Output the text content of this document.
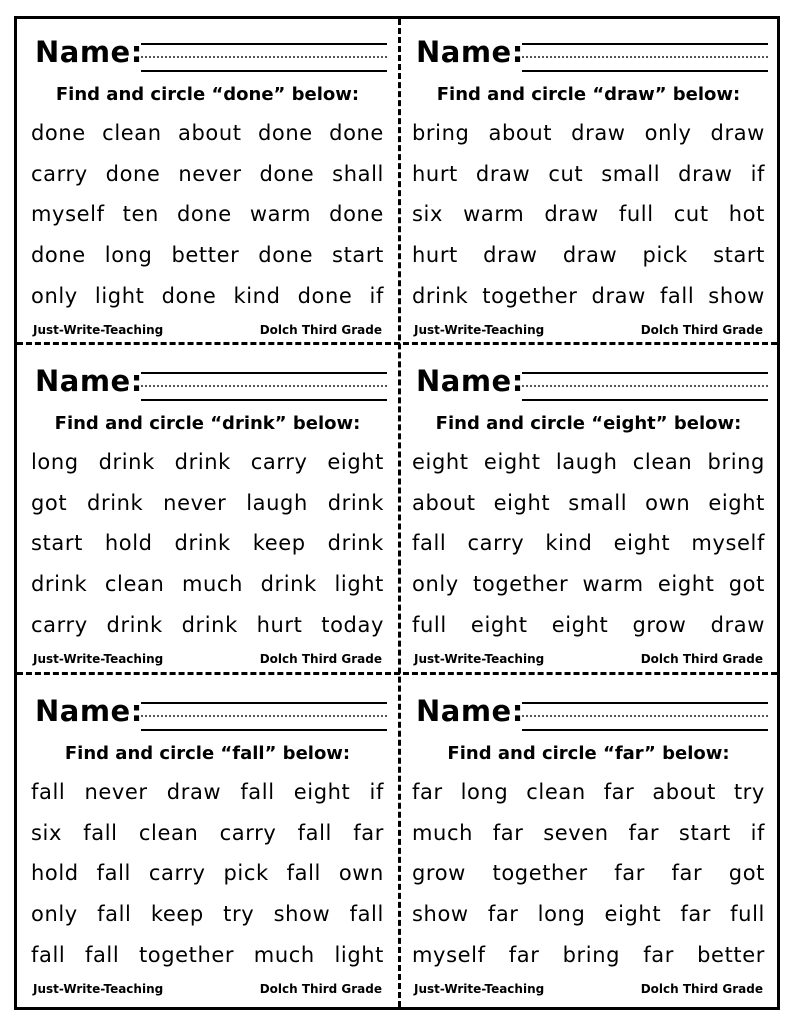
Name:
Find and circle “done” below:
done clean about done done
carry done never done shall
myself ten done warm done
done long better done start
only light done kind done if
Just-Write-Teaching	Dolch Third Grade
Name:
Find and circle “draw” below:
bring about draw only draw
hurt draw cut small draw if
six warm draw full cut hot
hurt draw draw pick start
drink together draw fall show
Just-Write-Teaching	Dolch Third Grade
Name:
Find and circle “drink” below:
long drink drink carry eight
got drink never laugh drink
start hold drink keep drink
drink clean much drink light
carry drink drink hurt today
Just-Write-Teaching	Dolch Third Grade
Name:
Find and circle “eight” below:
eight eight laugh clean bring
about eight small own eight
fall carry kind eight myself
only together warm eight got
full eight eight grow draw
Just-Write-Teaching	Dolch Third Grade
Name:
Find and circle “fall” below:
fall never draw fall eight if
six fall clean carry fall far
hold fall carry pick fall own
only fall keep try show fall
fall fall together much light
Just-Write-Teaching	Dolch Third Grade
Name:
Find and circle “far” below:
far long clean far about try
much far seven far start if
grow together far far got
show far long eight far full
myself far bring far better
Just-Write-Teaching	Dolch Third Grade
